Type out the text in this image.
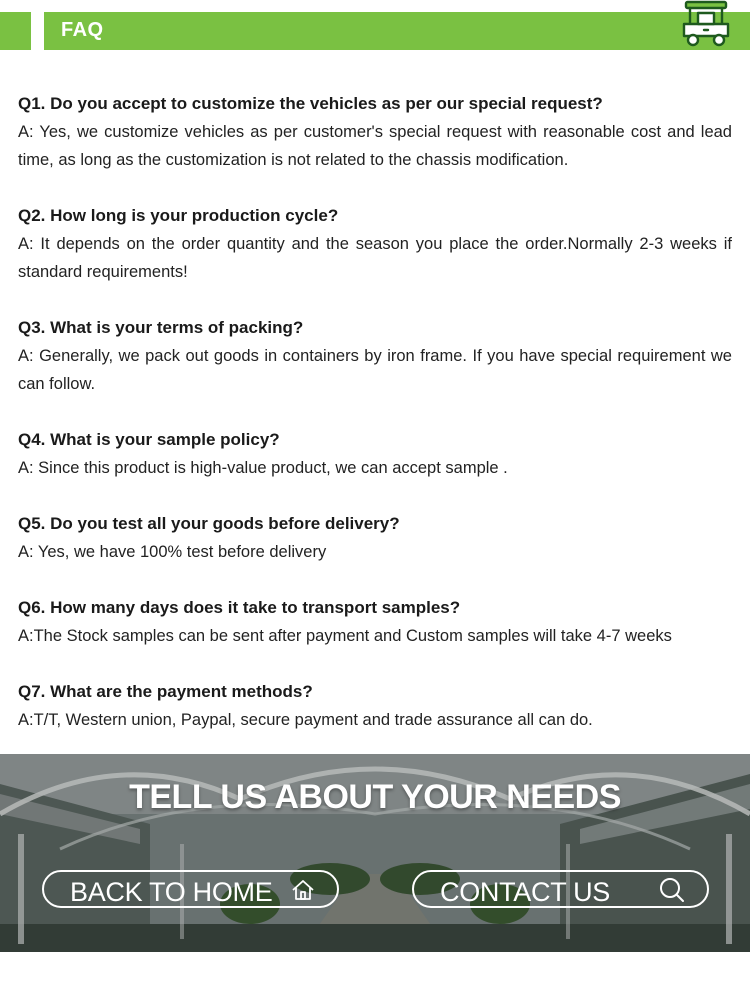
FAQ
Q1. Do you accept to customize the vehicles as per our special request?
A: Yes, we customize vehicles as per customer's special request with reasonable cost and lead time, as long as the customization is not related to the chassis modification.
Q2. How long is your production cycle?
A: It depends on the order quantity and the season you place the order.Normally 2-3 weeks if standard requirements!
Q3. What is your terms of packing?
A: Generally, we pack out goods in containers by iron frame. If you have special requirement we can follow.
Q4. What is your sample policy?
A: Since this product is high-value product, we can accept sample .
Q5. Do you test all your goods before delivery?
A: Yes, we have 100% test before delivery
Q6. How many days does it take to transport samples?
A:The Stock samples can be sent after payment and Custom samples will take 4-7 weeks
Q7. What are the payment methods?
A:T/T, Western union, Paypal, secure payment and trade assurance all can do.
TELL US ABOUT YOUR NEEDS
BACK TO HOME	CONTACT US
